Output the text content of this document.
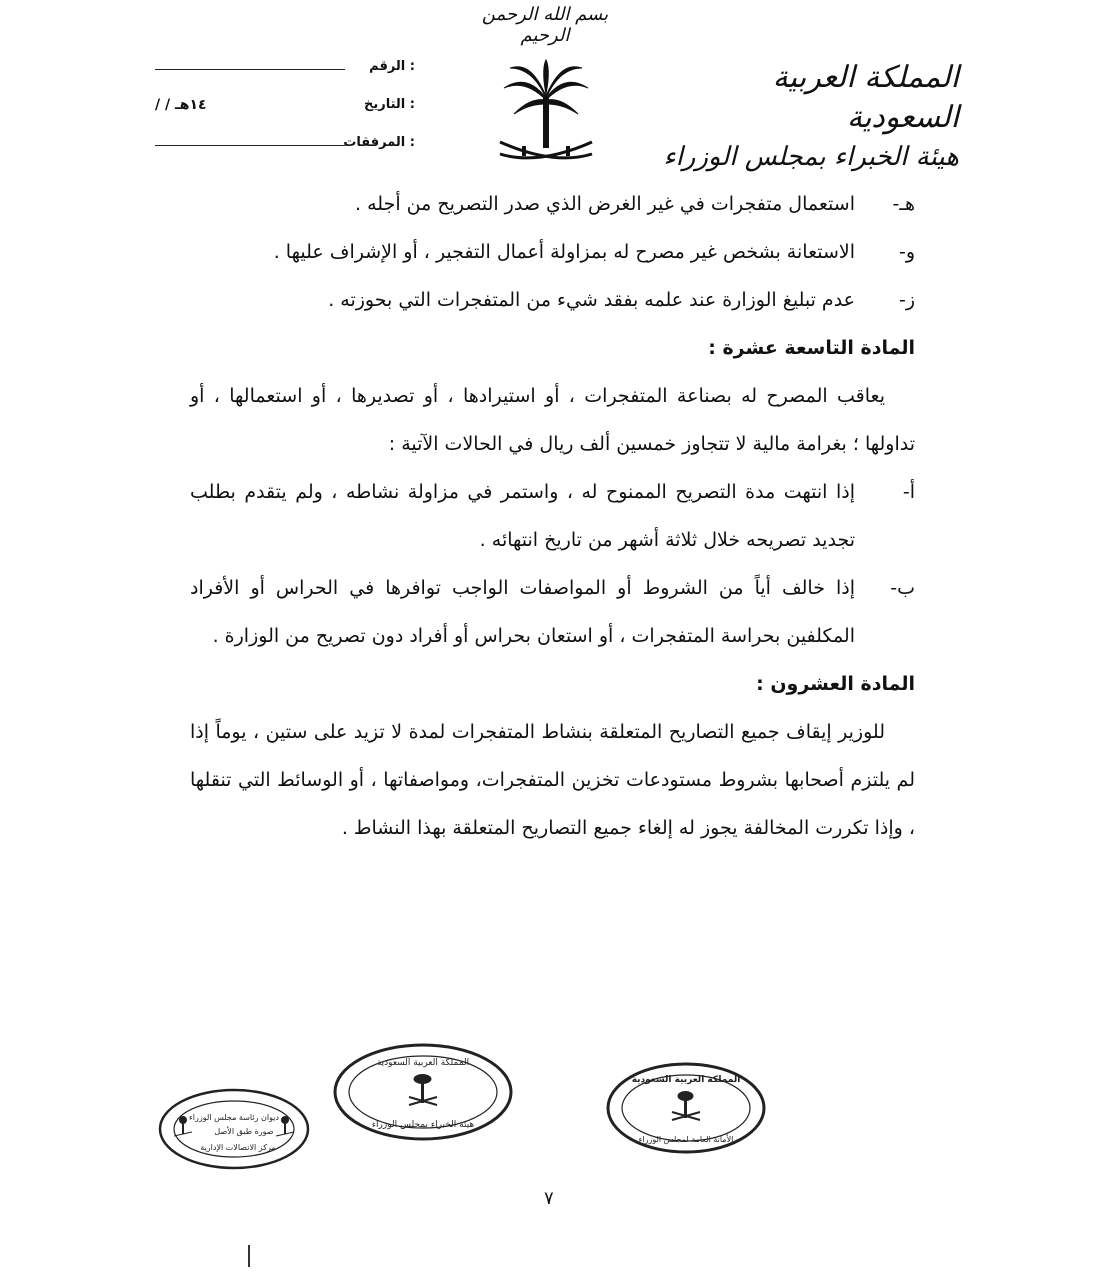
بسم الله الرحمن الرحيم
المملكة العربية السعودية
هيئة الخبراء بمجلس الوزراء
الرقم :
التاريخ :
/ / ١٤هـ
المرفقات :
هـ-
استعمال متفجرات في غير الغرض الذي صدر التصريح من أجله .
و-
الاستعانة بشخص غير مصرح له بمزاولة أعمال التفجير ، أو الإشراف عليها .
ز-
عدم تبليغ الوزارة عند علمه بفقد شيء من المتفجرات التي بحوزته .
المادة التاسعة عشرة :
يعاقب المصرح له بصناعة المتفجرات ، أو استيرادها ، أو تصديرها ، أو استعمالها ، أو تداولها ؛ بغرامة مالية لا تتجاوز خمسين ألف ريال في الحالات الآتية :
أ-
إذا انتهت مدة التصريح الممنوح له ، واستمر في مزاولة نشاطه ، ولم يتقدم بطلب تجديد تصريحه خلال ثلاثة أشهر من تاريخ انتهائه .
ب-
إذا خالف أياً من الشروط أو المواصفات الواجب توافرها في الحراس أو الأفراد المكلفين بحراسة المتفجرات ، أو استعان بحراس أو أفراد دون تصريح من الوزارة .
المادة العشرون :
للوزير إيقاف جميع التصاريح المتعلقة بنشاط المتفجرات لمدة لا تزيد على ستين ، يوماً إذا لم يلتزم أصحابها بشروط مستودعات تخزين المتفجرات، ومواصفاتها ، أو الوسائط التي تنقلها ، وإذا تكررت المخالفة يجوز له إلغاء جميع التصاريح المتعلقة بهذا النشاط .
ديوان رئاسة مجلس الوزراء
صورة طبق الأصل
مركز الاتصالات الإدارية
المملكة العربية السعودية
هيئة الخبراء بمجلس الوزراء
المملكة العربية السعودية
الأمانة العامة لمجلس الوزراء
٧
